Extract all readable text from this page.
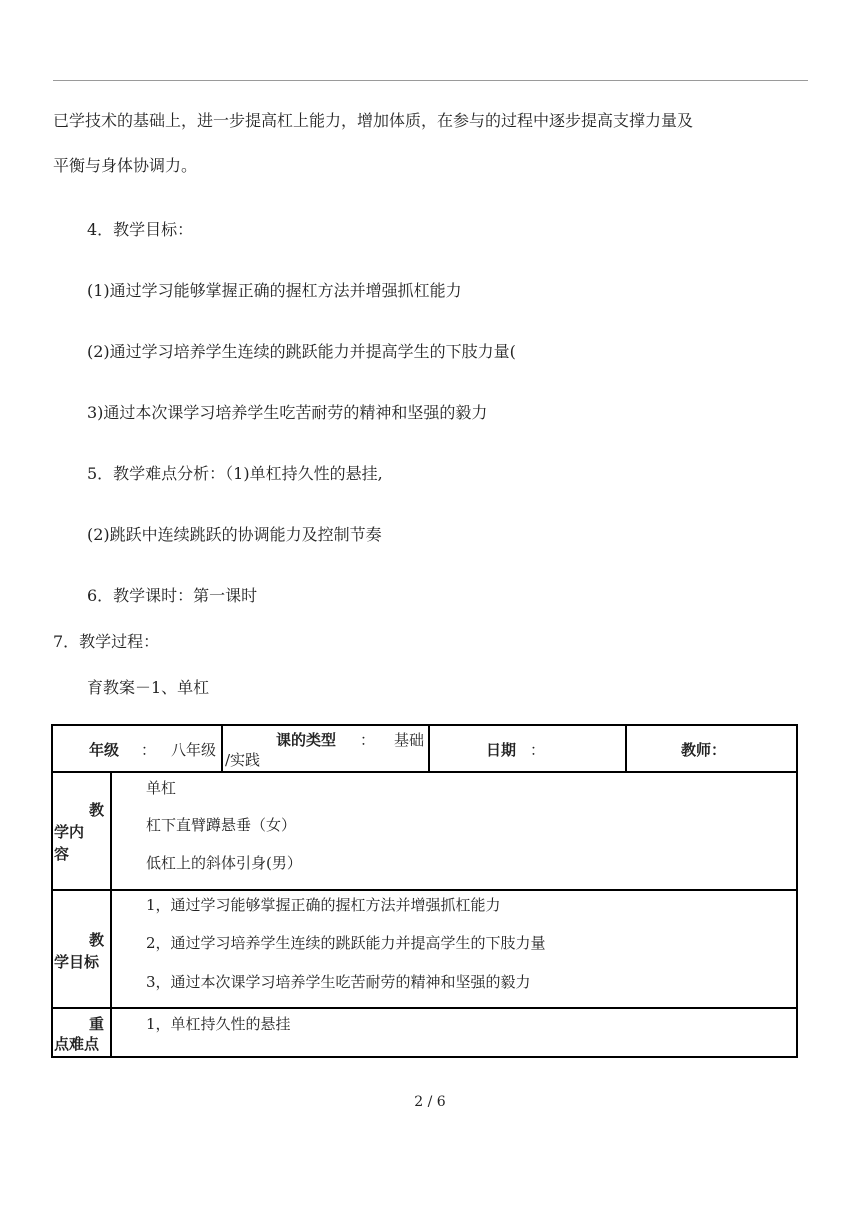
已学技术的基础上，进一步提高杠上能力，增加体质，在参与的过程中逐步提高支撑力量及
平衡与身体协调力。
4．教学目标：
(1)通过学习能够掌握正确的握杠方法并增强抓杠能力
(2)通过学习培养学生连续的跳跃能力并提高学生的下肢力量(
3)通过本次课学习培养学生吃苦耐劳的精神和坚强的毅力
5．教学难点分析：（1)单杠持久性的悬挂,
(2)跳跃中连续跳跃的协调能力及控制节奏
6．教学课时：第一课时
7．教学过程：
育教案－1、单杠
年级 ： 八年级
课的类型 ： 基础
/实践
日期 ：	教师：
教
学内
容
单杠
杠下直臂蹲悬垂（女）
低杠上的斜体引身(男）
教
学目标
1，通过学习能够掌握正确的握杠方法并增强抓杠能力
2，通过学习培养学生连续的跳跃能力并提高学生的下肢力量
3，通过本次课学习培养学生吃苦耐劳的精神和坚强的毅力
重
点难点
1，单杠持久性的悬挂
2 / 6
